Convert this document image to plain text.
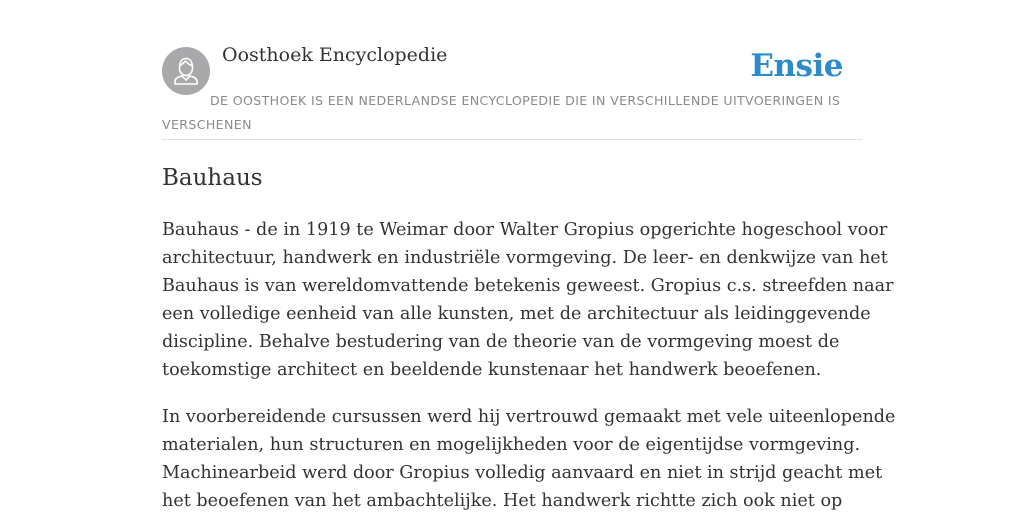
Oosthoek Encyclopedie	Ensie

DE OOSTHOEK IS EEN NEDERLANDSE ENCYCLOPEDIE DIE IN VERSCHILLENDE UITVOERINGEN IS VERSCHENEN

Bauhaus

Bauhaus - de in 1919 te Weimar door Walter Gropius opgerichte hogeschool voor
architectuur, handwerk en industriële vormgeving. De leer- en denkwijze van het
Bauhaus is van wereldomvattende betekenis geweest. Gropius c.s. streefden naar
een volledige eenheid van alle kunsten, met de architectuur als leidinggevende
discipline. Behalve bestudering van de theorie van de vormgeving moest de
toekomstige architect en beeldende kunstenaar het handwerk beoefenen.

In voorbereidende cursussen werd hij vertrouwd gemaakt met vele uiteenlopende
materialen, hun structuren en mogelijkheden voor de eigentijdse vormgeving.
Machinearbeid werd door Gropius volledig aanvaard en niet in strijd geacht met
het beoefenen van het ambachtelijke. Het handwerk richtte zich ook niet op
